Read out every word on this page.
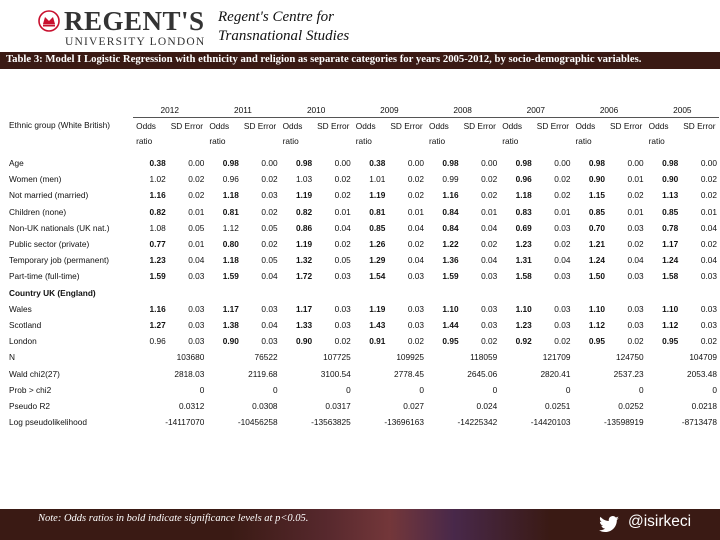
REGENT'S
UNIVERSITY LONDON
Regent's Centre for
Transnational Studies
Table 3: Model I Logistic Regression with ethnicity and religion as separate categories for years 2005-2012, by socio-demographic variables.
	2012		2011		2010		2009		2008		2007		2006		2005	
Ethnic group (White British)	Odds	SD Error	Odds	SD Error	Odds	SD Error	Odds	SD Error	Odds	SD Error	Odds	SD Error	Odds	SD Error	Odds	SD Error
	ratio		ratio		ratio		ratio		ratio		ratio		ratio		ratio	

Age	0.38	0.00	0.98	0.00	0.98	0.00	0.38	0.00	0.98	0.00	0.98	0.00	0.98	0.00	0.98	0.00
Women (men)	1.02	0.02	0.96	0.02	1.03	0.02	1.01	0.02	0.99	0.02	0.96	0.02	0.90	0.01	0.90	0.02
Not married (married)	1.16	0.02	1.18	0.03	1.19	0.02	1.19	0.02	1.16	0.02	1.18	0.02	1.15	0.02	1.13	0.02
Children (none)	0.82	0.01	0.81	0.02	0.82	0.01	0.81	0.01	0.84	0.01	0.83	0.01	0.85	0.01	0.85	0.01
Non-UK nationals (UK nat.)	1.08	0.05	1.12	0.05	0.86	0.04	0.85	0.04	0.84	0.04	0.69	0.03	0.70	0.03	0.78	0.04
Public sector (private)	0.77	0.01	0.80	0.02	1.19	0.02	1.26	0.02	1.22	0.02	1.23	0.02	1.21	0.02	1.17	0.02
Temporary job (permanent)	1.23	0.04	1.18	0.05	1.32	0.05	1.29	0.04	1.36	0.04	1.31	0.04	1.24	0.04	1.24	0.04
Part-time (full-time)	1.59	0.03	1.59	0.04	1.72	0.03	1.54	0.03	1.59	0.03	1.58	0.03	1.50	0.03	1.58	0.03
Country UK (England)																
Wales	1.16	0.03	1.17	0.03	1.17	0.03	1.19	0.03	1.10	0.03	1.10	0.03	1.10	0.03	1.10	0.03
Scotland	1.27	0.03	1.38	0.04	1.33	0.03	1.43	0.03	1.44	0.03	1.23	0.03	1.12	0.03	1.12	0.03
London	0.96	0.03	0.90	0.03	0.90	0.02	0.91	0.02	0.95	0.02	0.92	0.02	0.95	0.02	0.95	0.02
N	103680		76522		107725		109925		118059		121709		124750		104709	
Wald chi2(27)	2818.03		2119.68		3100.54		2778.45		2645.06		2820.41		2537.23		2053.48	
Prob > chi2	0		0		0		0		0		0		0		0	
Pseudo R2	0.0312		0.0308		0.0317		0.027		0.024		0.0251		0.0252		0.0218	
Log pseudolikelihood	-14117070		-10456258		-13563825		-13696163		-14225342		-14420103		-13598919		-8713478	
Note: Odds ratios in bold indicate significance levels at p<0.05.	@isirkeci
